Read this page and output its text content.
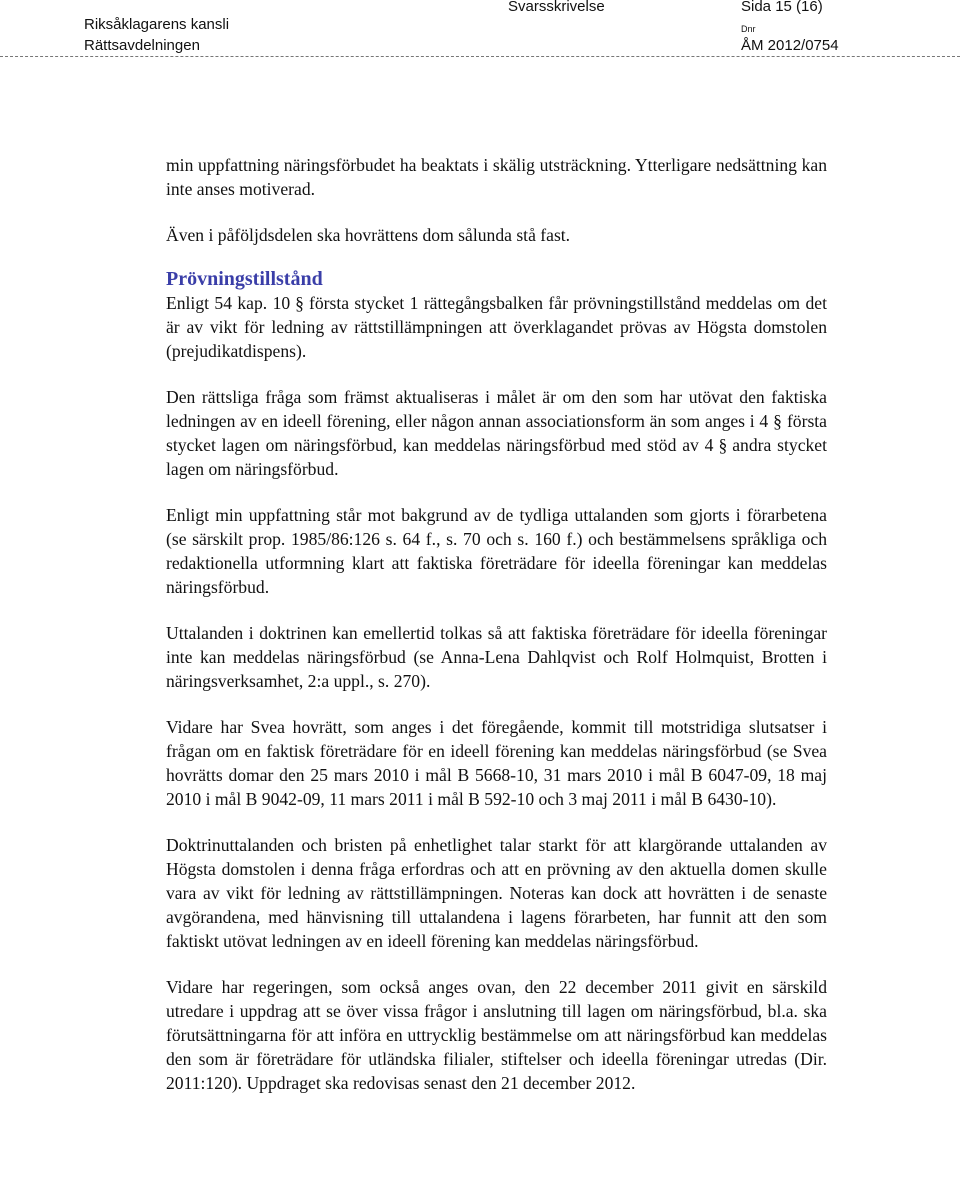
Riksåklagarens kansli
Rättsavdelningen
Svarsskrivelse	Sida 15 (16)
Dnr
ÅM 2012/0754

min uppfattning näringsförbudet ha beaktats i skälig utsträckning. Ytterligare nedsättning kan inte anses motiverad.

Även i påföljdsdelen ska hovrättens dom sålunda stå fast.

Prövningstillstånd

Enligt 54 kap. 10 § första stycket 1 rättegångsbalken får prövningstillstånd meddelas om det är av vikt för ledning av rättstillämpningen att överklagandet prövas av Högsta domstolen (prejudikatdispens).

Den rättsliga fråga som främst aktualiseras i målet är om den som har utövat den faktiska ledningen av en ideell förening, eller någon annan associationsform än som anges i 4 § första stycket lagen om näringsförbud, kan meddelas näringsförbud med stöd av 4 § andra stycket lagen om näringsförbud.

Enligt min uppfattning står mot bakgrund av de tydliga uttalanden som gjorts i förarbetena (se särskilt prop. 1985/86:126 s. 64 f., s. 70 och s. 160 f.) och bestämmelsens språkliga och redaktionella utformning klart att faktiska företrädare för ideella föreningar kan meddelas näringsförbud.

Uttalanden i doktrinen kan emellertid tolkas så att faktiska företrädare för ideella föreningar inte kan meddelas näringsförbud (se Anna-Lena Dahlqvist och Rolf Holmquist, Brotten i näringsverksamhet, 2:a uppl., s. 270).

Vidare har Svea hovrätt, som anges i det föregående, kommit till motstridiga slutsatser i frågan om en faktisk företrädare för en ideell förening kan meddelas näringsförbud (se Svea hovrätts domar den 25 mars 2010 i mål B 5668-10, 31 mars 2010 i mål B 6047-09, 18 maj 2010 i mål B 9042-09, 11 mars 2011 i mål B 592-10 och 3 maj 2011 i mål B 6430-10).

Doktrinuttalanden och bristen på enhetlighet talar starkt för att klargörande uttalanden av Högsta domstolen i denna fråga erfordras och att en prövning av den aktuella domen skulle vara av vikt för ledning av rättstillämpningen. Noteras kan dock att hovrätten i de senaste avgörandena, med hänvisning till uttalandena i lagens förarbeten, har funnit att den som faktiskt utövat ledningen av en ideell förening kan meddelas näringsförbud.

Vidare har regeringen, som också anges ovan, den 22 december 2011 givit en särskild utredare i uppdrag att se över vissa frågor i anslutning till lagen om näringsförbud, bl.a. ska förutsättningarna för att införa en uttrycklig bestämmelse om att näringsförbud kan meddelas den som är företrädare för utländska filialer, stiftelser och ideella föreningar utredas (Dir. 2011:120). Uppdraget ska redovisas senast den 21 december 2012.
